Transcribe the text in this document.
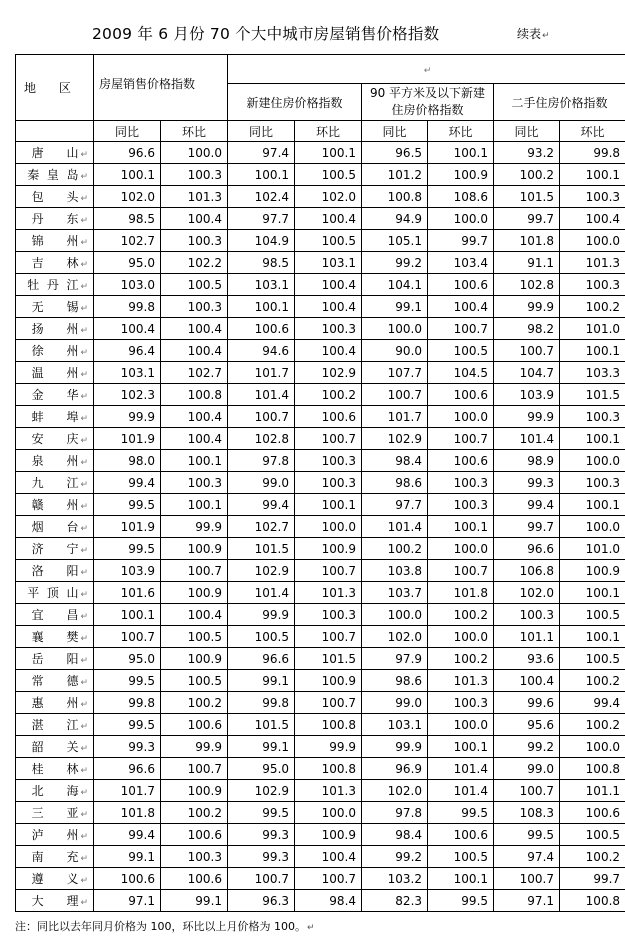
2009 年 6 月份 70 个大中城市房屋销售价格指数	续表↵
地      区	房屋销售价格指数		↵					
			新建住房价格指数		90 平方米及以下新建住房价格指数		二手住房价格指数	
	同比	环比	同比	环比	同比	环比	同比	环比
唐      山 ↵	96.6	100.0	97.4	100.1	96.5	100.1	93.2	99.8
秦  皇  岛 ↵	100.1	100.3	100.1	100.5	101.2	100.9	100.2	100.1
包      头 ↵	102.0	101.3	102.4	102.0	100.8	108.6	101.5	100.3
丹      东 ↵	98.5	100.4	97.7	100.4	94.9	100.0	99.7	100.4
锦      州 ↵	102.7	100.3	104.9	100.5	105.1	99.7	101.8	100.0
吉      林 ↵	95.0	102.2	98.5	103.1	99.2	103.4	91.1	101.3
牡  丹  江 ↵	103.0	100.5	103.1	100.4	104.1	100.6	102.8	100.3
无      锡 ↵	99.8	100.3	100.1	100.4	99.1	100.4	99.9	100.2
扬      州 ↵	100.4	100.4	100.6	100.3	100.0	100.7	98.2	101.0
徐      州 ↵	96.4	100.4	94.6	100.4	90.0	100.5	100.7	100.1
温      州 ↵	103.1	102.7	101.7	102.9	107.7	104.5	104.7	103.3
金      华 ↵	102.3	100.8	101.4	100.2	100.7	100.6	103.9	101.5
蚌      埠 ↵	99.9	100.4	100.7	100.6	101.7	100.0	99.9	100.3
安      庆 ↵	101.9	100.4	102.8	100.7	102.9	100.7	101.4	100.1
泉      州 ↵	98.0	100.1	97.8	100.3	98.4	100.6	98.9	100.0
九      江 ↵	99.4	100.3	99.0	100.3	98.6	100.3	99.3	100.3
赣      州 ↵	99.5	100.1	99.4	100.1	97.7	100.3	99.4	100.1
烟      台 ↵	101.9	99.9	102.7	100.0	101.4	100.1	99.7	100.0
济      宁 ↵	99.5	100.9	101.5	100.9	100.2	100.0	96.6	101.0
洛      阳 ↵	103.9	100.7	102.9	100.7	103.8	100.7	106.8	100.9
平  顶  山 ↵	101.6	100.9	101.4	101.3	103.7	101.8	102.0	100.1
宜      昌 ↵	100.1	100.4	99.9	100.3	100.0	100.2	100.3	100.5
襄      樊 ↵	100.7	100.5	100.5	100.7	102.0	100.0	101.1	100.1
岳      阳 ↵	95.0	100.9	96.6	101.5	97.9	100.2	93.6	100.5
常      德 ↵	99.5	100.5	99.1	100.9	98.6	101.3	100.4	100.2
惠      州 ↵	99.8	100.2	99.8	100.7	99.0	100.3	99.6	99.4
湛      江 ↵	99.5	100.6	101.5	100.8	103.1	100.0	95.6	100.2
韶      关 ↵	99.3	99.9	99.1	99.9	99.9	100.1	99.2	100.0
桂      林 ↵	96.6	100.7	95.0	100.8	96.9	101.4	99.0	100.8
北      海 ↵	101.7	100.9	102.9	101.3	102.0	101.4	100.7	101.1
三      亚 ↵	101.8	100.2	99.5	100.0	97.8	99.5	108.3	100.6
泸      州 ↵	99.4	100.6	99.3	100.9	98.4	100.6	99.5	100.5
南      充 ↵	99.1	100.3	99.3	100.4	99.2	100.5	97.4	100.2
遵      义 ↵	100.6	100.6	100.7	100.7	103.2	100.1	100.7	99.7
大      理 ↵	97.1	99.1	96.3	98.4	82.3	99.5	97.1	100.8
注：同比以去年同月价格为 100，环比以上月价格为 100。↵
